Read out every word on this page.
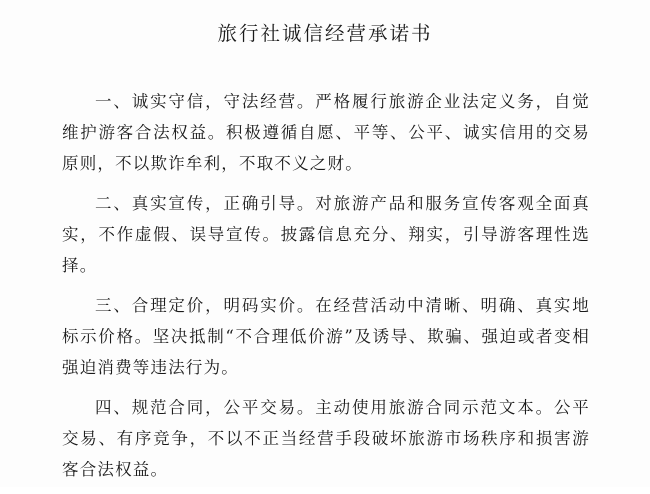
旅行社诚信经营承诺书

一、诚实守信，守法经营。严格履行旅游企业法定义务，自觉维护游客合法权益。积极遵循自愿、平等、公平、诚实信用的交易原则，不以欺诈牟利，不取不义之财。

二、真实宣传，正确引导。对旅游产品和服务宣传客观全面真实，不作虚假、误导宣传。披露信息充分、翔实，引导游客理性选择。

三、合理定价，明码实价。在经营活动中清晰、明确、真实地标示价格。坚决抵制“不合理低价游”及诱导、欺骗、强迫或者变相强迫消费等违法行为。

四、规范合同，公平交易。主动使用旅游合同示范文本。公平交易、有序竞争，不以不正当经营手段破坏旅游市场秩序和损害游客合法权益。
